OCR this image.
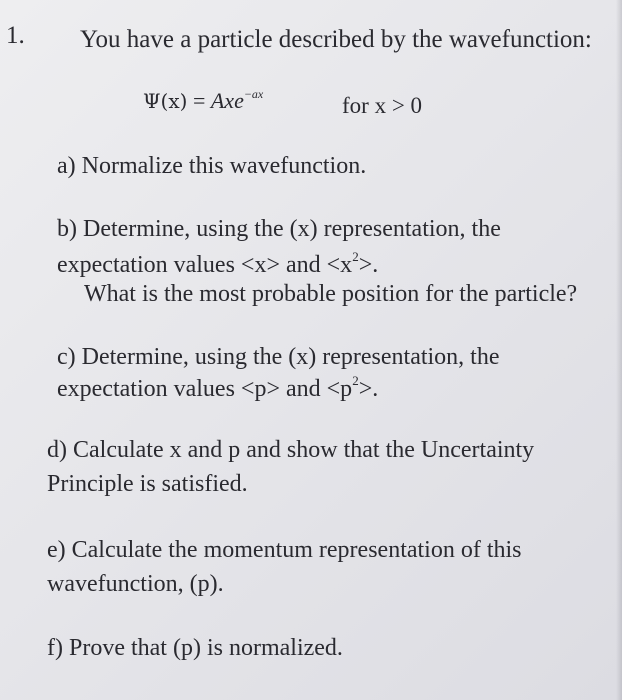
1. You have a particle described by the wavefunction:
Ψ(x) = Axe$^{-ax}$	for x > 0
a) Normalize this wavefunction.
b) Determine, using the (x) representation, the
expectation values <x> and $<x^2>$.
What is the most probable position for the particle?
c) Determine, using the (x) representation, the
expectation values <p> and $<p^2>$.
d) Calculate x and p and show that the Uncertainty
Principle is satisfied.
e) Calculate the momentum representation of this
wavefunction, (p).
f) Prove that (p) is normalized.
